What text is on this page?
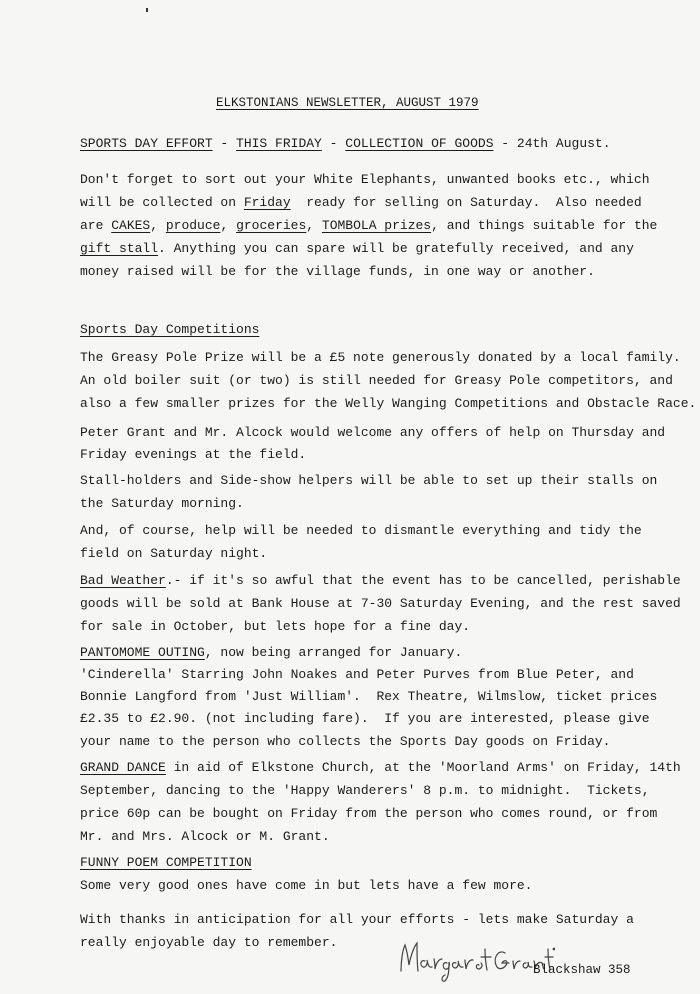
ELKSTONIANS NEWSLETTER, AUGUST 1979
SPORTS DAY EFFORT - THIS FRIDAY - COLLECTION OF GOODS - 24th August.
Don't forget to sort out your White Elephants, unwanted books etc., which
will be collected on Friday  ready for selling on Saturday.  Also needed
are CAKES, produce, groceries, TOMBOLA prizes, and things suitable for the
gift stall. Anything you can spare will be gratefully received, and any
money raised will be for the village funds, in one way or another.
Sports Day Competitions
The Greasy Pole Prize will be a £5 note generously donated by a local family.
An old boiler suit (or two) is still needed for Greasy Pole competitors, and
also a few smaller prizes for the Welly Wanging Competitions and Obstacle Race.
Peter Grant and Mr. Alcock would welcome any offers of help on Thursday and
Friday evenings at the field.
Stall-holders and Side-show helpers will be able to set up their stalls on
the Saturday morning.
And, of course, help will be needed to dismantle everything and tidy the
field on Saturday night.
Bad Weather.- if it's so awful that the event has to be cancelled, perishable
goods will be sold at Bank House at 7-30 Saturday Evening, and the rest saved
for sale in October, but lets hope for a fine day.
PANTOMOME OUTING, now being arranged for January.
'Cinderella' Starring John Noakes and Peter Purves from Blue Peter, and
Bonnie Langford from 'Just William'.  Rex Theatre, Wilmslow, ticket prices
£2.35 to £2.90. (not including fare).  If you are interested, please give
your name to the person who collects the Sports Day goods on Friday.
GRAND DANCE in aid of Elkstone Church, at the 'Moorland Arms' on Friday, 14th
September, dancing to the 'Happy Wanderers' 8 p.m. to midnight.  Tickets,
price 60p can be bought on Friday from the person who comes round, or from
Mr. and Mrs. Alcock or M. Grant.
FUNNY POEM COMPETITION
Some very good ones have come in but lets have a few more.
With thanks in anticipation for all your efforts - lets make Saturday a
really enjoyable day to remember.
Blackshaw 358
